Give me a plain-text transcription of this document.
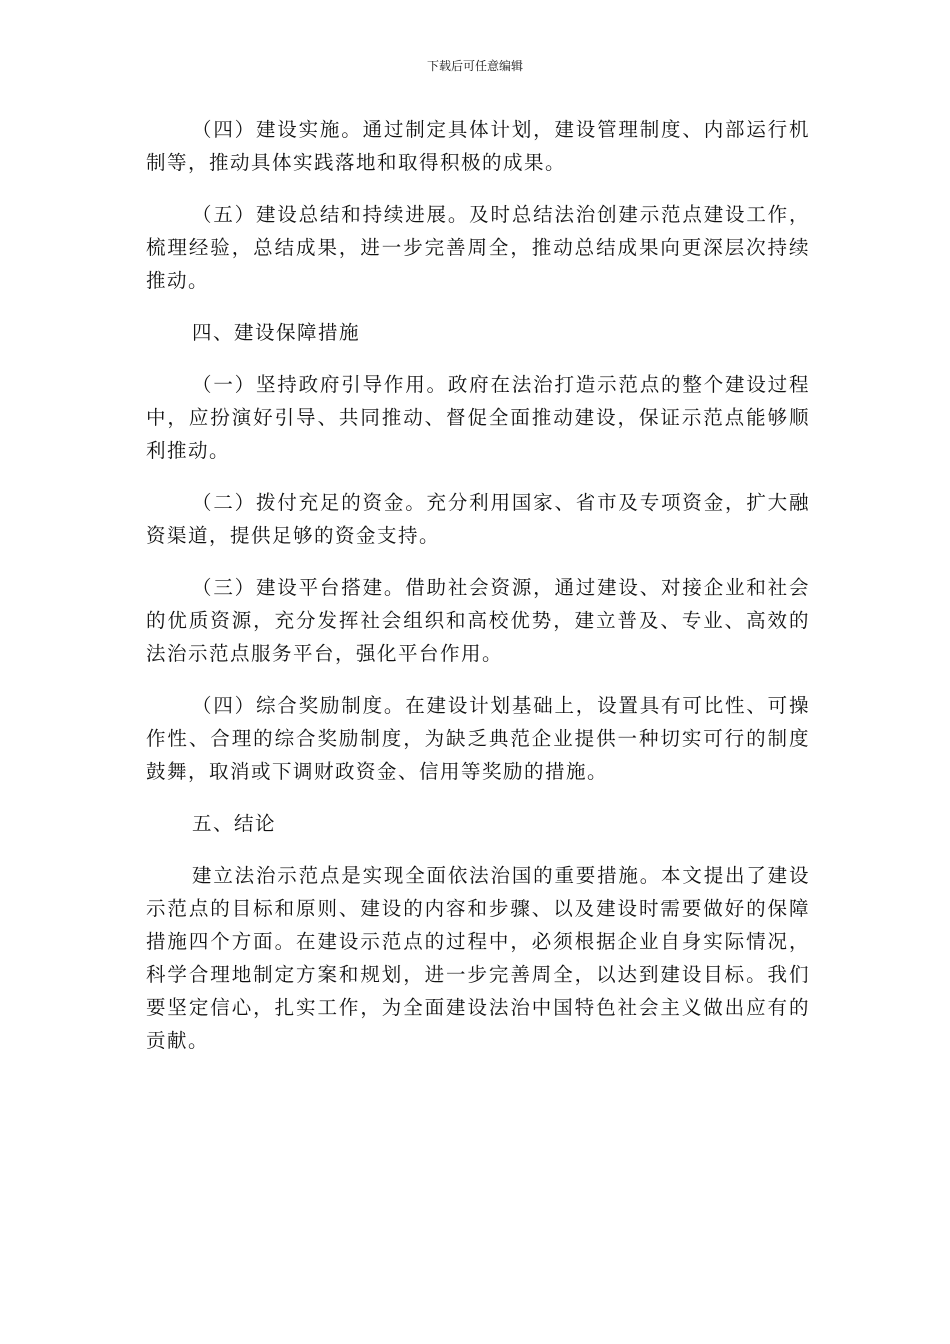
下载后可任意编辑

（四）建设实施。通过制定具体计划，建设管理制度、内部运行机制等，推动具体实践落地和取得积极的成果。

（五）建设总结和持续进展。及时总结法治创建示范点建设工作，梳理经验，总结成果，进一步完善周全，推动总结成果向更深层次持续推动。

四、建设保障措施

（一）坚持政府引导作用。政府在法治打造示范点的整个建设过程中，应扮演好引导、共同推动、督促全面推动建设，保证示范点能够顺利推动。

（二）拨付充足的资金。充分利用国家、省市及专项资金，扩大融资渠道，提供足够的资金支持。

（三）建设平台搭建。借助社会资源，通过建设、对接企业和社会的优质资源，充分发挥社会组织和高校优势，建立普及、专业、高效的法治示范点服务平台，强化平台作用。

（四）综合奖励制度。在建设计划基础上，设置具有可比性、可操作性、合理的综合奖励制度，为缺乏典范企业提供一种切实可行的制度鼓舞，取消或下调财政资金、信用等奖励的措施。

五、结论

建立法治示范点是实现全面依法治国的重要措施。本文提出了建设示范点的目标和原则、建设的内容和步骤、以及建设时需要做好的保障措施四个方面。在建设示范点的过程中，必须根据企业自身实际情况，科学合理地制定方案和规划，进一步完善周全，以达到建设目标。我们要坚定信心，扎实工作，为全面建设法治中国特色社会主义做出应有的贡献。
